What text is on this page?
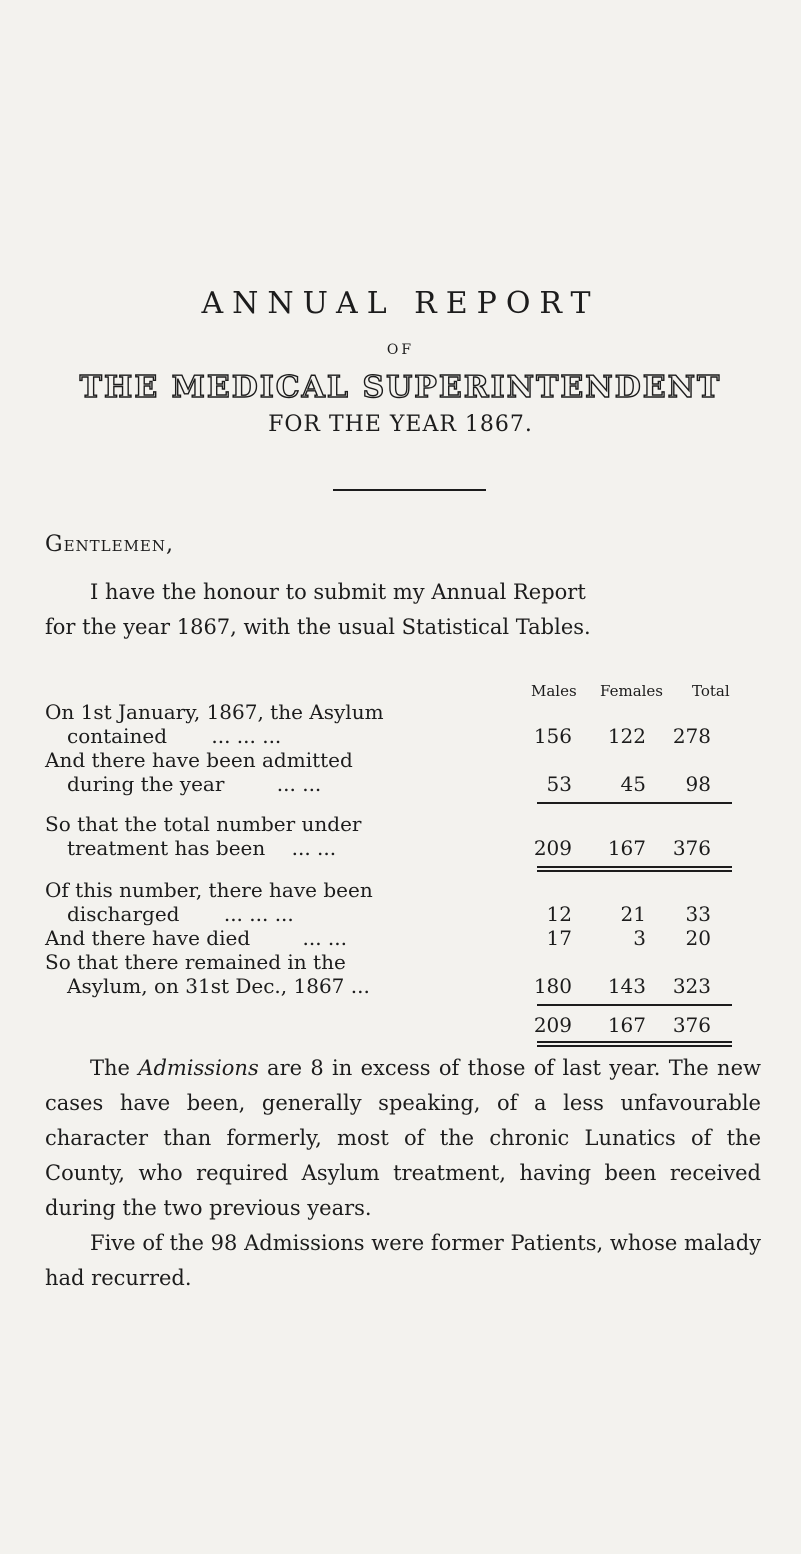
ANNUAL REPORT
OF
THE MEDICAL SUPERINTENDENT
FOR THE YEAR 1867.
Gentlemen,
I have the honour to submit my Annual Report
for the year 1867, with the usual Statistical Tables.
Males Females Total
On 1st January, 1867, the Asylum
contained ... ... ...	156	122	278
And there have been admitted
during the year	... ...	53	45	98
So that the total number under
treatment has been ... ...	209	167	376
Of this number, there have been
discharged ... ... ...	12	21	33
And there have died	... ...	17	3	20
So that there remained in the
Asylum, on 31st Dec., 1867 ...	180	143	323
209	167	376

The Admissions are 8 in excess of those of last year. The new cases have been, generally speaking, of a less unfavourable character than formerly, most of the chronic Lunatics of the County, who required Asylum treatment, having been received during the two previous years.

Five of the 98 Admissions were former Patients, whose malady had recurred.
